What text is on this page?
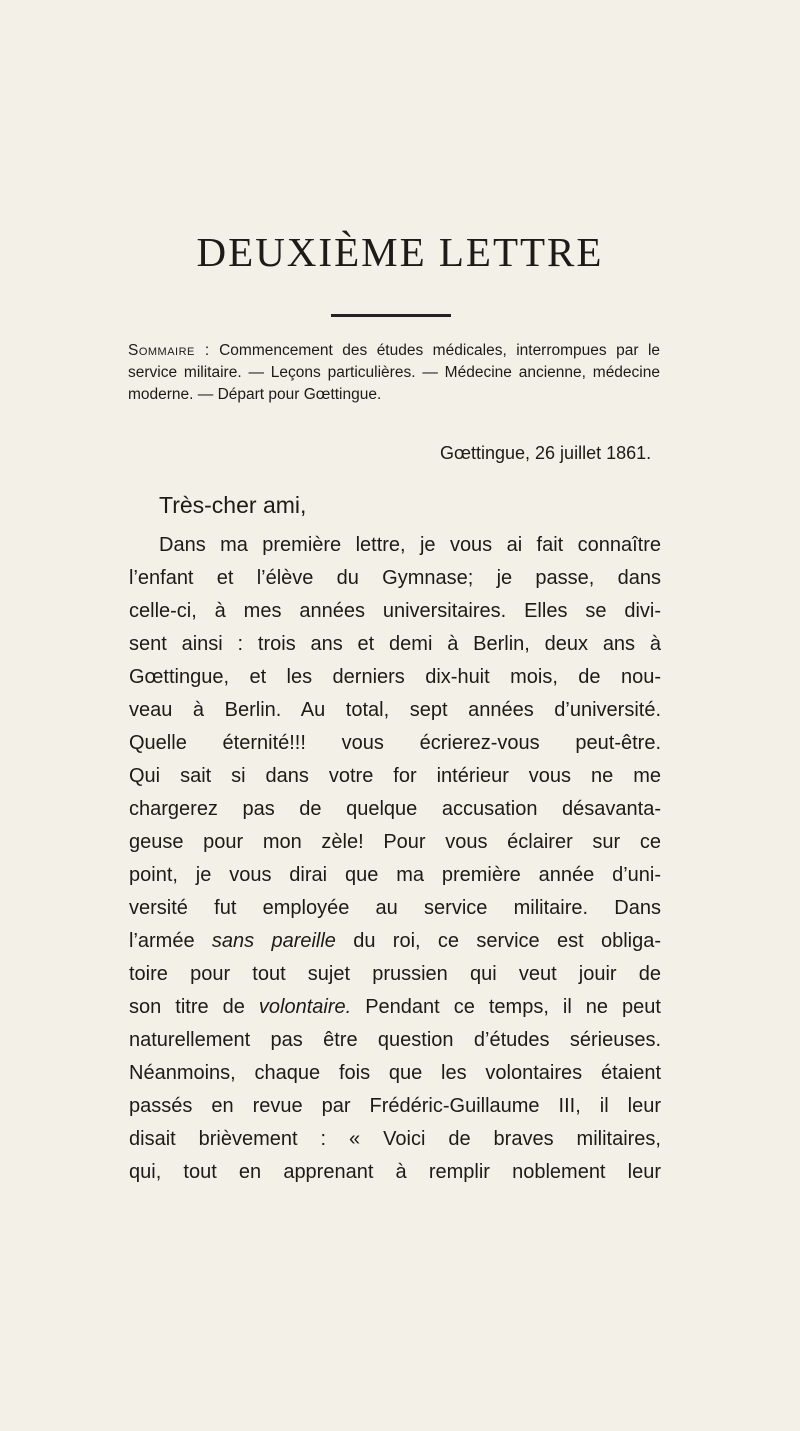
DEUXIÈME LETTRE

Sommaire : Commencement des études médicales, interrompues par le service militaire. — Leçons particulières. — Médecine ancienne, médecine moderne. — Départ pour Gœttingue.

Gœttingue, 26 juillet 1861.

Très-cher ami,

Dans ma première lettre, je vous ai fait connaître
l’enfant et l’élève du Gymnase; je passe, dans
celle-ci, à mes années universitaires. Elles se divi-
sent ainsi : trois ans et demi à Berlin, deux ans à
Gœttingue, et les derniers dix-huit mois, de nou-
veau à Berlin. Au total, sept années d’université.
Quelle éternité!!! vous écrierez-vous peut-être.
Qui sait si dans votre for intérieur vous ne me
chargerez pas de quelque accusation désavanta-
geuse pour mon zèle! Pour vous éclairer sur ce
point, je vous dirai que ma première année d’uni-
versité fut employée au service militaire. Dans
l’armée sans pareille du roi, ce service est obliga-
toire pour tout sujet prussien qui veut jouir de
son titre de volontaire. Pendant ce temps, il ne peut
naturellement pas être question d’études sérieuses.
Néanmoins, chaque fois que les volontaires étaient
passés en revue par Frédéric-Guillaume III, il leur
disait brièvement : « Voici de braves militaires,
qui, tout en apprenant à remplir noblement leur
